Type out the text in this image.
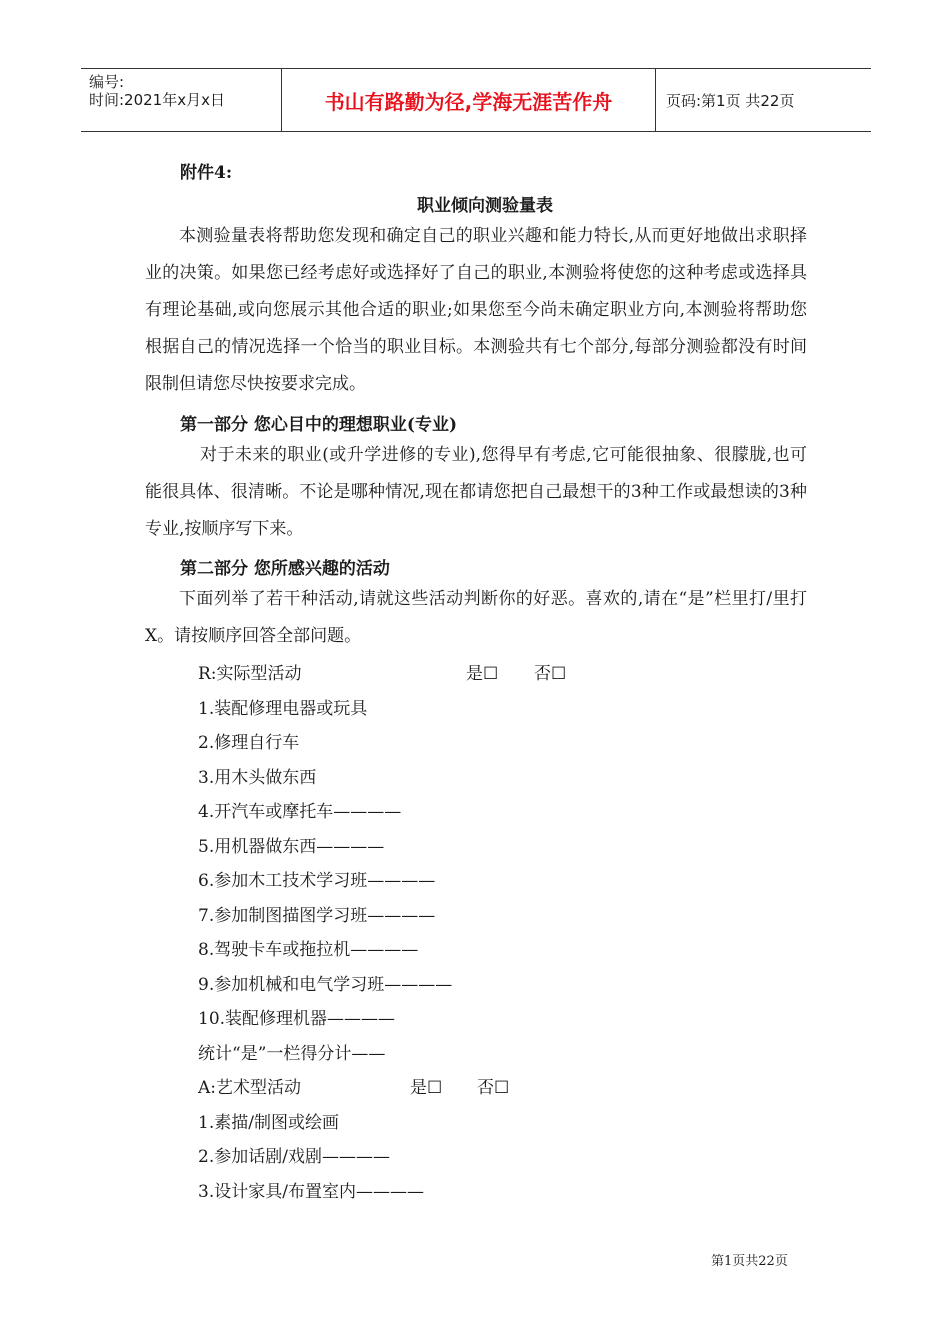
编号:
时间:2021年x月x日	书山有路勤为径,学海无涯苦作舟	页码:第1页 共22页
附件4:
职业倾向测验量表

本测验量表将帮助您发现和确定自己的职业兴趣和能力特长,从而更好地做出求职择业的决策。如果您已经考虑好或选择好了自己的职业,本测验将使您的这种考虑或选择具有理论基础,或向您展示其他合适的职业;如果您至今尚未确定职业方向,本测验将帮助您根据自己的情况选择一个恰当的职业目标。本测验共有七个部分,每部分测验都没有时间限制但请您尽快按要求完成。

第一部分 您心目中的理想职业(专业)

对于未来的职业(或升学进修的专业),您得早有考虑,它可能很抽象、很朦胧,也可能很具体、很清晰。不论是哪种情况,现在都请您把自己最想干的3种工作或最想读的3种专业,按顺序写下来。

第二部分 您所感兴趣的活动

下面列举了若干种活动,请就这些活动判断你的好恶。喜欢的,请在“是”栏里打/里打X。请按顺序回答全部问题。

R:实际型活动	是☐ 否☐
1.装配修理电器或玩具
2.修理自行车
3.用木头做东西
4.开汽车或摩托车————
5.用机器做东西————
6.参加木工技术学习班————
7.参加制图描图学习班————
8.驾驶卡车或拖拉机————
9.参加机械和电气学习班————
10.装配修理机器————
统计“是”一栏得分计——
A:艺术型活动	是☐ 否☐
1.素描/制图或绘画
2.参加话剧/戏剧————
3.设计家具/布置室内————
第1页共22页
